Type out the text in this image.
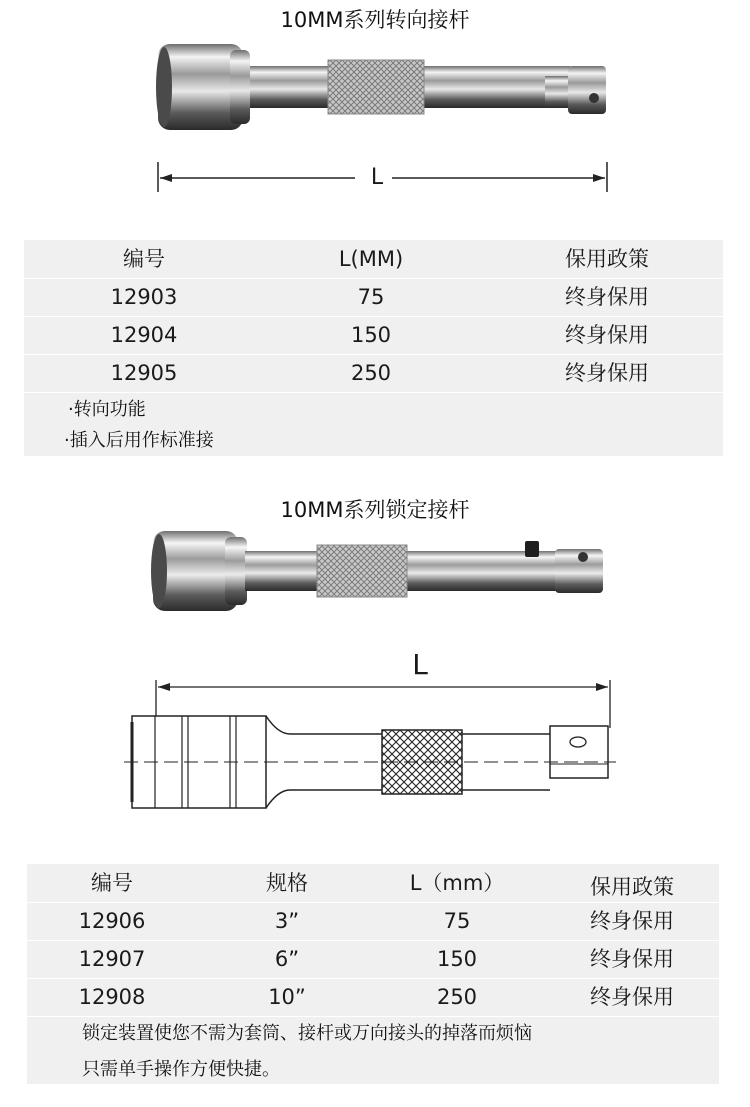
10MM系列转向接杆
L
编号	L(MM)	保用政策
12903	75	终身保用
12904	150	终身保用
12905	250	终身保用
·转向功能
·插入后用作标准接
10MM系列锁定接杆
L
编号	规格	L（mm）	保用政策
12906	3”	75	终身保用
12907	6”	150	终身保用
12908	10”	250	终身保用
锁定装置使您不需为套筒、接杆或万向接头的掉落而烦恼
只需单手操作方便快捷。
